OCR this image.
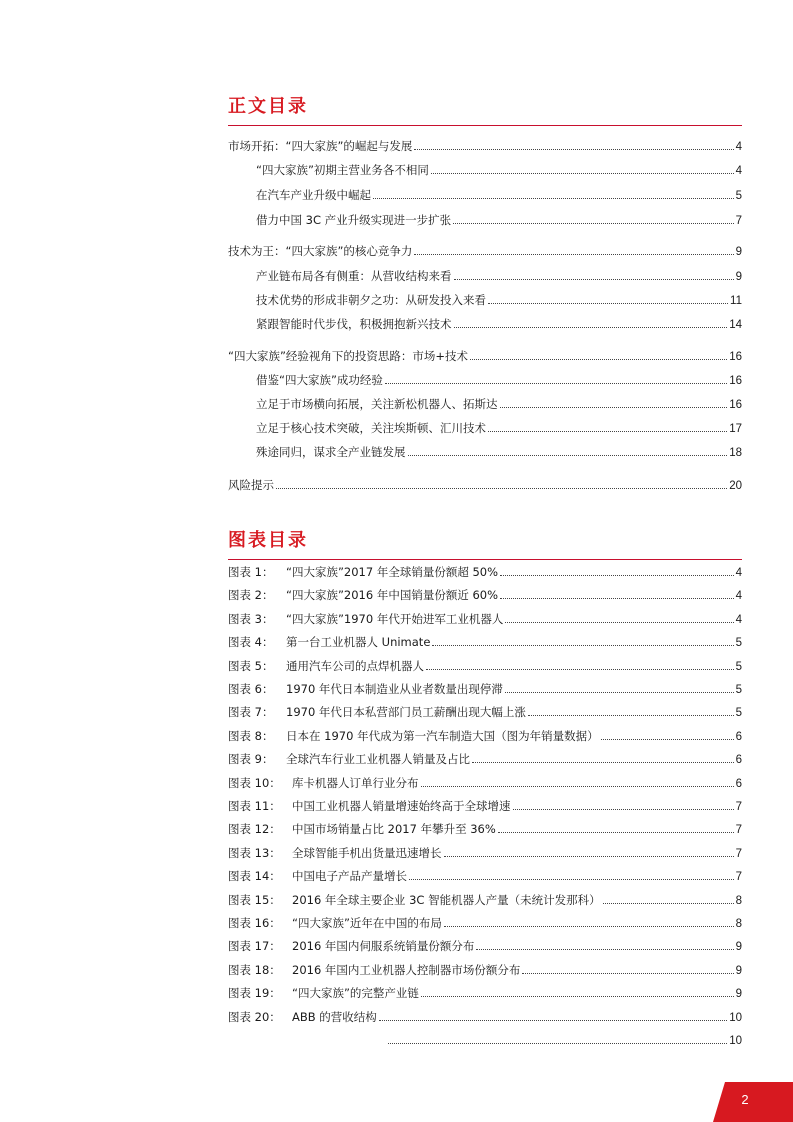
正文目录
市场开拓：“四大家族”的崛起与发展	4
“四大家族”初期主营业务各不相同	4
在汽车产业升级中崛起	5
借力中国 3C 产业升级实现进一步扩张	7
技术为王：“四大家族”的核心竞争力	9
产业链布局各有侧重：从营收结构来看	9
技术优势的形成非朝夕之功：从研发投入来看	11
紧跟智能时代步伐，积极拥抱新兴技术	14
“四大家族”经验视角下的投资思路：市场+技术	16
借鉴“四大家族”成功经验	16
立足于市场横向拓展，关注新松机器人、拓斯达	16
立足于核心技术突破，关注埃斯顿、汇川技术	17
殊途同归，谋求全产业链发展	18
风险提示	20
图表目录
图表 1：	“四大家族”2017 年全球销量份额超 50%	4
图表 2：	“四大家族”2016 年中国销量份额近 60%	4
图表 3：	“四大家族”1970 年代开始进军工业机器人	4
图表 4：	第一台工业机器人 Unimate	5
图表 5：	通用汽车公司的点焊机器人	5
图表 6：	1970 年代日本制造业从业者数量出现停滞	5
图表 7：	1970 年代日本私营部门员工薪酬出现大幅上涨	5
图表 8：	日本在 1970 年代成为第一汽车制造大国（图为年销量数据）	6
图表 9：	全球汽车行业工业机器人销量及占比	6
图表 10： 库卡机器人订单行业分布	6
图表 11： 中国工业机器人销量增速始终高于全球增速	7
图表 12： 中国市场销量占比 2017 年攀升至 36%	7
图表 13： 全球智能手机出货量迅速增长	7
图表 14： 中国电子产品产量增长	7
图表 15： 2016 年全球主要企业 3C 智能机器人产量（未统计发那科）	8
图表 16： “四大家族”近年在中国的布局	8
图表 17： 2016 年国内伺服系统销量份额分布	9
图表 18： 2016 年国内工业机器人控制器市场份额分布	9
图表 19： “四大家族”的完整产业链	9
图表 20： ABB 的营收结构	10
10
2
